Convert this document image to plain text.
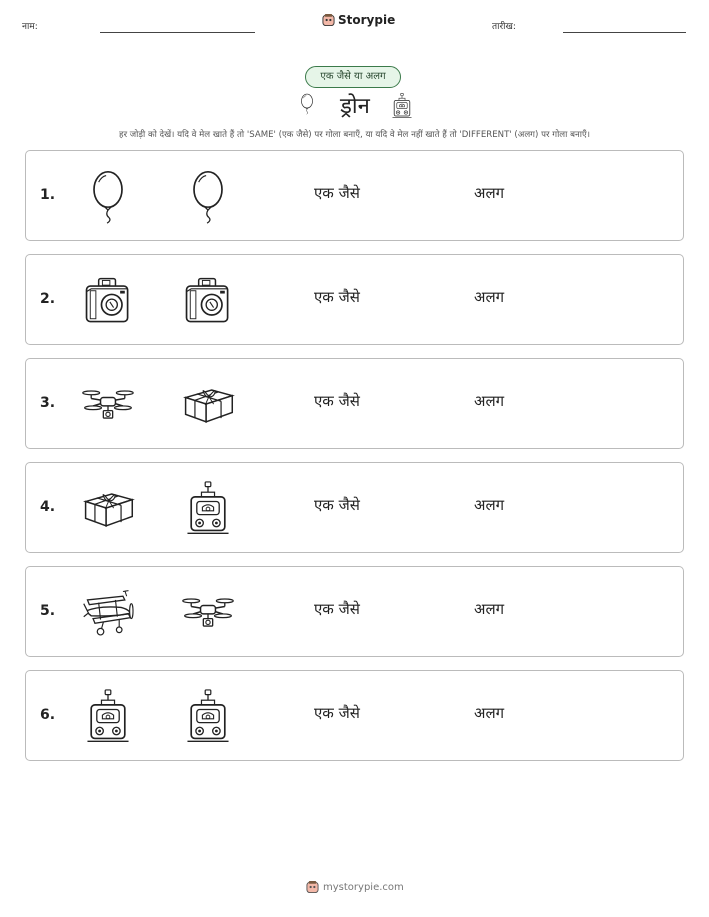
नाम:	Storypie	तारीख:
एक जैसे या अलग
ड्रोन
हर जोड़ी को देखें। यदि वे मेल खाते हैं तो 'SAME' (एक जैसे) पर गोला बनाएँ, या यदि वे मेल नहीं खाते हैं तो 'DIFFERENT' (अलग) पर गोला बनाएँ।
1.	एक जैसे	अलग
2.	एक जैसे	अलग
3.	एक जैसे	अलग
4.	एक जैसे	अलग
5.	एक जैसे	अलग
6.	एक जैसे	अलग
mystorypie.com
